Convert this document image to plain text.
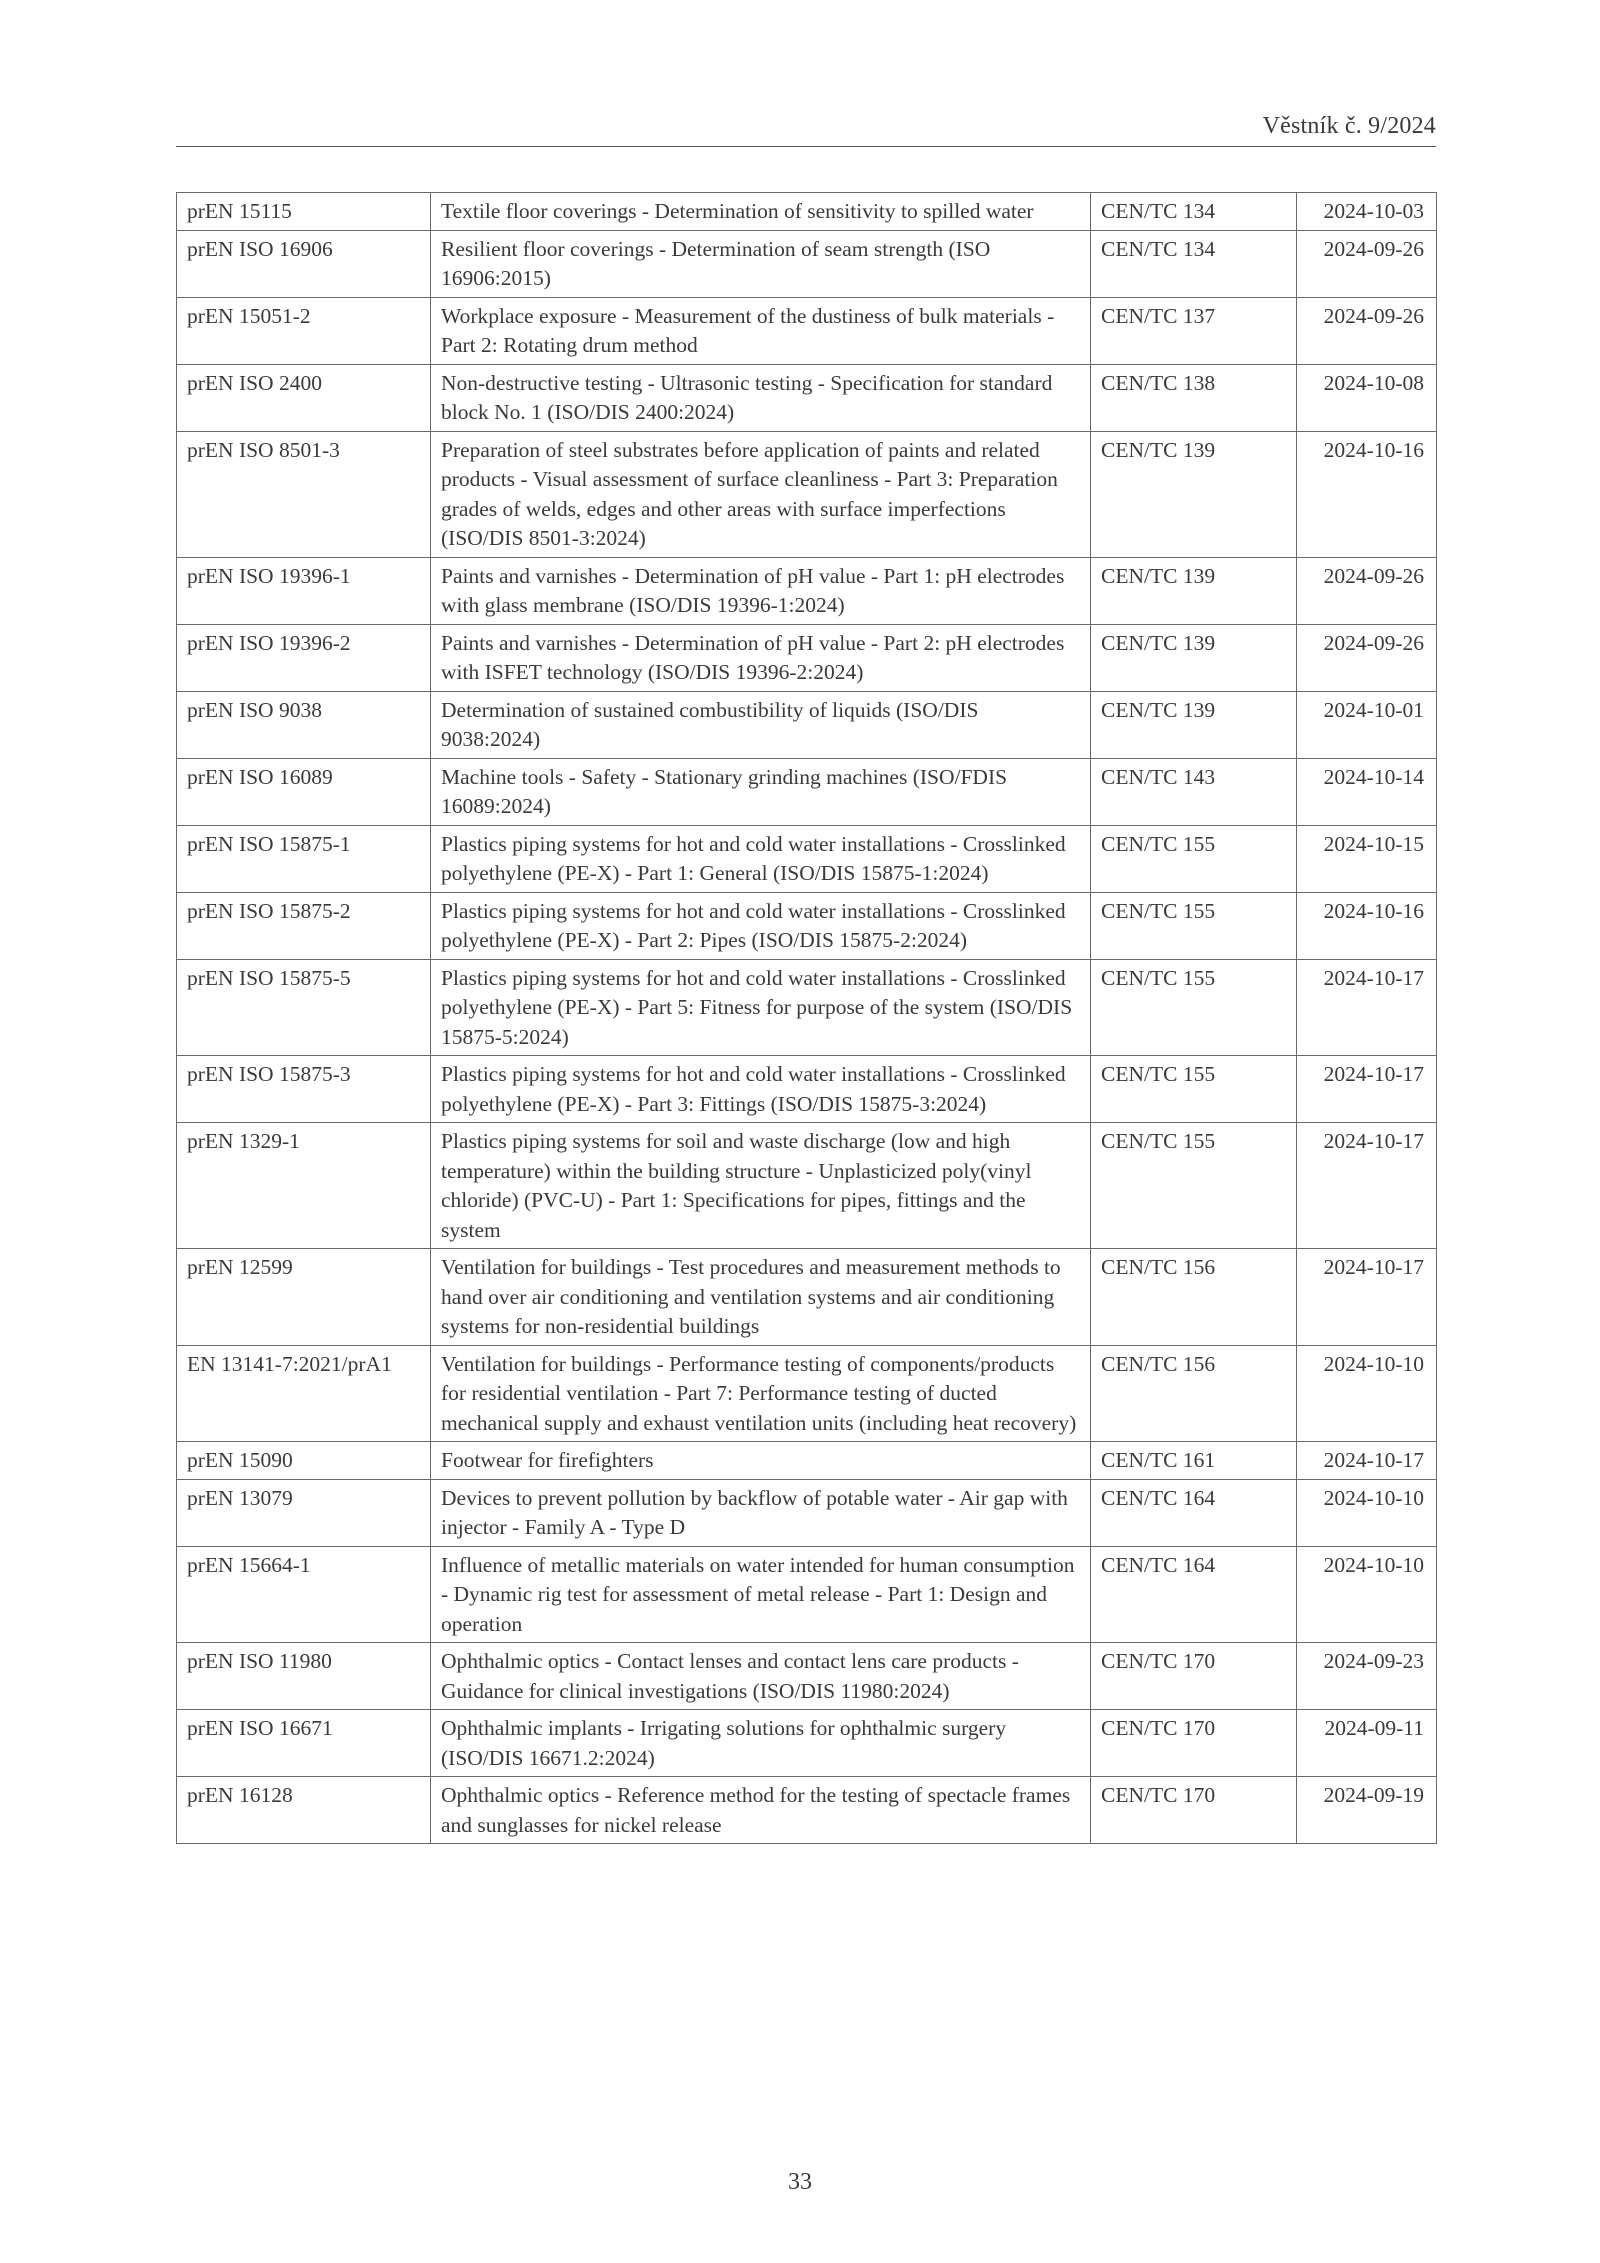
Věstník č. 9/2024
prEN 15115	Textile floor coverings - Determination of sensitivity to spilled water	CEN/TC 134	2024-10-03
prEN ISO 16906	Resilient floor coverings - Determination of seam strength (ISO 16906:2015)	CEN/TC 134	2024-09-26
prEN 15051-2	Workplace exposure - Measurement of the dustiness of bulk materials - Part 2: Rotating drum method	CEN/TC 137	2024-09-26
prEN ISO 2400	Non-destructive testing - Ultrasonic testing - Specification for standard block No. 1 (ISO/DIS 2400:2024)	CEN/TC 138	2024-10-08
prEN ISO 8501-3	Preparation of steel substrates before application of paints and related products - Visual assessment of surface cleanliness - Part 3: Preparation grades of welds, edges and other areas with surface imperfections (ISO/DIS 8501-3:2024)	CEN/TC 139	2024-10-16
prEN ISO 19396-1	Paints and varnishes - Determination of pH value - Part 1: pH electrodes with glass membrane (ISO/DIS 19396-1:2024)	CEN/TC 139	2024-09-26
prEN ISO 19396-2	Paints and varnishes - Determination of pH value - Part 2: pH electrodes with ISFET technology (ISO/DIS 19396-2:2024)	CEN/TC 139	2024-09-26
prEN ISO 9038	Determination of sustained combustibility of liquids (ISO/DIS 9038:2024)	CEN/TC 139	2024-10-01
prEN ISO 16089	Machine tools - Safety - Stationary grinding machines (ISO/FDIS 16089:2024)	CEN/TC 143	2024-10-14
prEN ISO 15875-1	Plastics piping systems for hot and cold water installations - Crosslinked polyethylene (PE-X) - Part 1: General (ISO/DIS 15875-1:2024)	CEN/TC 155	2024-10-15
prEN ISO 15875-2	Plastics piping systems for hot and cold water installations - Crosslinked polyethylene (PE-X) - Part 2: Pipes (ISO/DIS 15875-2:2024)	CEN/TC 155	2024-10-16
prEN ISO 15875-5	Plastics piping systems for hot and cold water installations - Crosslinked polyethylene (PE-X) - Part 5: Fitness for purpose of the system (ISO/DIS 15875-5:2024)	CEN/TC 155	2024-10-17
prEN ISO 15875-3	Plastics piping systems for hot and cold water installations - Crosslinked polyethylene (PE-X) - Part 3: Fittings (ISO/DIS 15875-3:2024)	CEN/TC 155	2024-10-17
prEN 1329-1	Plastics piping systems for soil and waste discharge (low and high temperature) within the building structure - Unplasticized poly(vinyl chloride) (PVC-U) - Part 1: Specifications for pipes, fittings and the system	CEN/TC 155	2024-10-17
prEN 12599	Ventilation for buildings - Test procedures and measurement methods to hand over air conditioning and ventilation systems and air conditioning systems for non-residential buildings	CEN/TC 156	2024-10-17
EN 13141-7:2021/prA1	Ventilation for buildings - Performance testing of components/products for residential ventilation - Part 7: Performance testing of ducted mechanical supply and exhaust ventilation units (including heat recovery)	CEN/TC 156	2024-10-10
prEN 15090	Footwear for firefighters	CEN/TC 161	2024-10-17
prEN 13079	Devices to prevent pollution by backflow of potable water - Air gap with injector - Family A - Type D	CEN/TC 164	2024-10-10
prEN 15664-1	Influence of metallic materials on water intended for human consumption - Dynamic rig test for assessment of metal release - Part 1: Design and operation	CEN/TC 164	2024-10-10
prEN ISO 11980	Ophthalmic optics - Contact lenses and contact lens care products - Guidance for clinical investigations (ISO/DIS 11980:2024)	CEN/TC 170	2024-09-23
prEN ISO 16671	Ophthalmic implants - Irrigating solutions for ophthalmic surgery (ISO/DIS 16671.2:2024)	CEN/TC 170	2024-09-11
prEN 16128	Ophthalmic optics - Reference method for the testing of spectacle frames and sunglasses for nickel release	CEN/TC 170	2024-09-19
33
